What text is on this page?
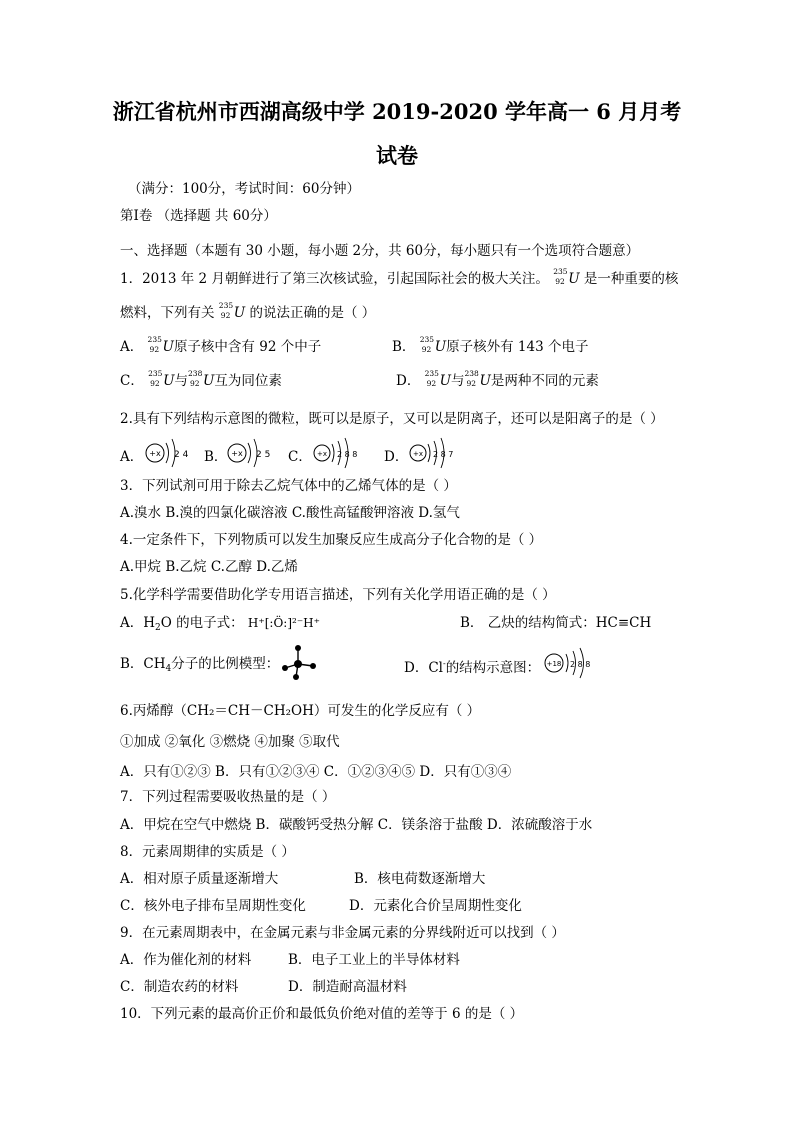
浙江省杭州市西湖高级中学 2019-2020 学年高一 6 月月考
试卷
（满分：100分，考试时间：60分钟）
第Ⅰ卷 （选择题 共 60分）
一、选择题（本题有 30 小题，每小题 2分，共 60分，每小题只有一个选项符合题意）
1．2013 年 2 月朝鲜进行了第三次核试验，引起国际社会的极大关注。 235
92 U 是一种重要的核
燃料，下列有关 235
92 U 的说法正确的是（ ）
A． 235
92 U原子核中含有 92 个中子	B． 235
92 U原子核外有 143 个电子
C． 235
92 U与 238
92 U互为同位素	D． 235
92 U与 238
92 U是两种不同的元素
2.具有下列结构示意图的微粒，既可以是原子，又可以是阴离子，还可以是阳离子的是（ ）
A． +x 2 4 B． +x 2 5 C． +x 2 8 8 D． +x 2 8 7
3．下列试剂可用于除去乙烷气体中的乙烯气体的是（ ）
A.溴水 B.溴的四氯化碳溶液 C.酸性高锰酸钾溶液 D.氢气
4.一定条件下，下列物质可以发生加聚反应生成高分子化合物的是（ ）
A.甲烷 B.乙烷 C.乙醇 D.乙烯
5.化学科学需要借助化学专用语言描述，下列有关化学用语正确的是（ ）
A．$H_2O$ 的电子式： H⁺[:Ö:]²⁻H⁺	B． 乙炔的结构简式：HC≡CH
B．$CH_4$分子的比例模型：	D．Cl-的结构示意图： +18 2 8 8
6.丙烯醇（CH₂＝CH－CH₂OH）可发生的化学反应有（ ）
①加成 ②氧化 ③燃烧 ④加聚 ⑤取代
A．只有①②③ B．只有①②③④ C．①②③④⑤ D．只有①③④
7．下列过程需要吸收热量的是（ ）
A．甲烷在空气中燃烧 B．碳酸钙受热分解 C．镁条溶于盐酸 D．浓硫酸溶于水
8．元素周期律的实质是（ ）
A．相对原子质量逐渐增大	B．核电荷数逐渐增大
C．核外电子排布呈周期性变化	D．元素化合价呈周期性变化
9．在元素周期表中，在金属元素与非金属元素的分界线附近可以找到（ ）
A．作为催化剂的材料	B．电子工业上的半导体材料
C．制造农药的材料	D．制造耐高温材料
10．下列元素的最高价正价和最低负价绝对值的差等于 6 的是（ ）
